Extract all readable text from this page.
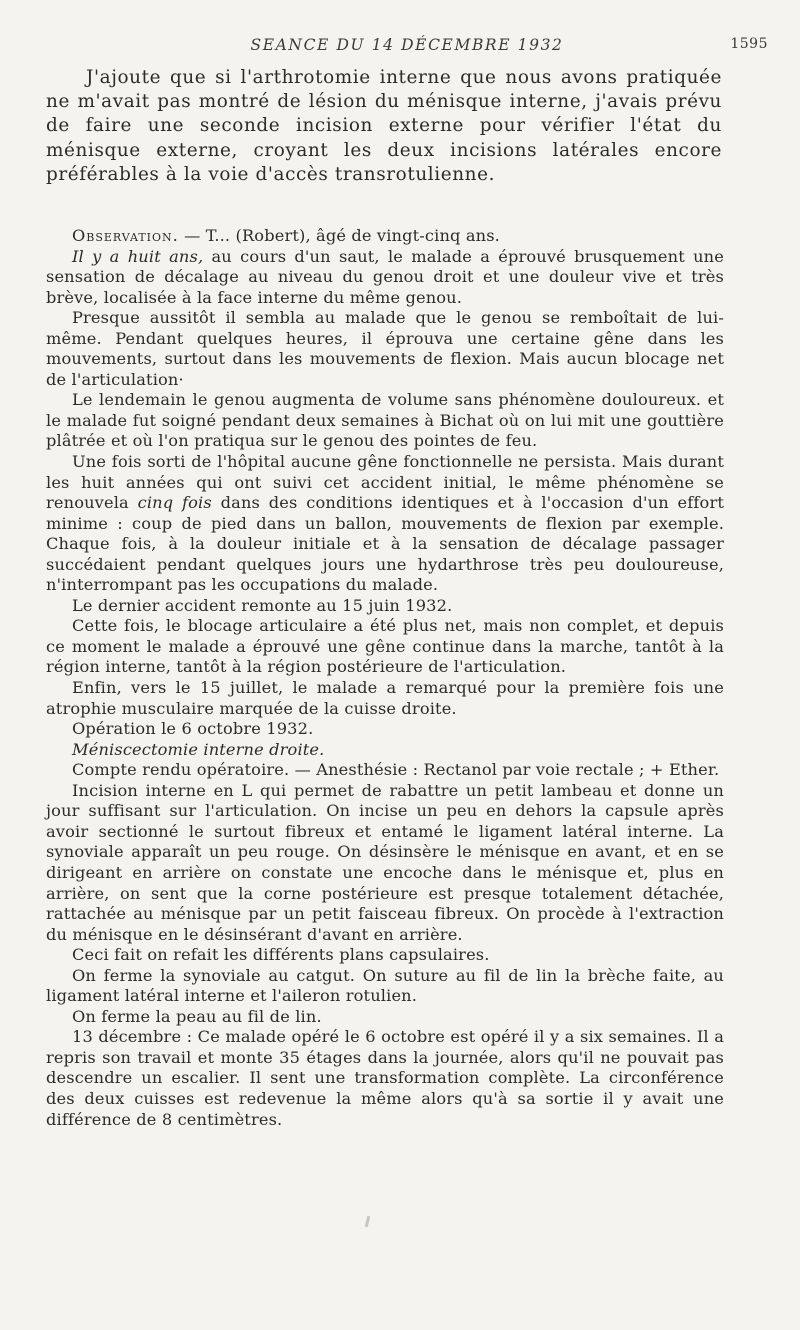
SEANCE DU 14 DÉCEMBRE 1932	1595

J'ajoute que si l'arthrotomie interne que nous avons pratiquée ne m'avait pas montré de lésion du ménisque interne, j'avais prévu de faire une seconde incision externe pour vérifier l'état du ménisque externe, croyant les deux incisions latérales encore préférables à la voie d'accès transrotulienne.

Observation. — T... (Robert), âgé de vingt-cinq ans.

Il y a huit ans, au cours d'un saut, le malade a éprouvé brusquement une sensation de décalage au niveau du genou droit et une douleur vive et très brève, localisée à la face interne du même genou.

Presque aussitôt il sembla au malade que le genou se remboîtait de lui-même. Pendant quelques heures, il éprouva une certaine gêne dans les mouvements, surtout dans les mouvements de flexion. Mais aucun blocage net de l'articulation·

Le lendemain le genou augmenta de volume sans phénomène douloureux. et le malade fut soigné pendant deux semaines à Bichat où on lui mit une gouttière plâtrée et où l'on pratiqua sur le genou des pointes de feu.

Une fois sorti de l'hôpital aucune gêne fonctionnelle ne persista. Mais durant les huit années qui ont suivi cet accident initial, le même phénomène se renouvela cinq fois dans des conditions identiques et à l'occasion d'un effort minime : coup de pied dans un ballon, mouvements de flexion par exemple. Chaque fois, à la douleur initiale et à la sensation de décalage passager succédaient pendant quelques jours une hydarthrose très peu douloureuse, n'interrompant pas les occupations du malade.

Le dernier accident remonte au 15 juin 1932.

Cette fois, le blocage articulaire a été plus net, mais non complet, et depuis ce moment le malade a éprouvé une gêne continue dans la marche, tantôt à la région interne, tantôt à la région postérieure de l'articulation.

Enfin, vers le 15 juillet, le malade a remarqué pour la première fois une atrophie musculaire marquée de la cuisse droite.

Opération le 6 octobre 1932.

Méniscectomie interne droite.

Compte rendu opératoire. — Anesthésie : Rectanol par voie rectale ; + Ether.

Incision interne en L qui permet de rabattre un petit lambeau et donne un jour suffisant sur l'articulation. On incise un peu en dehors la capsule après avoir sectionné le surtout fibreux et entamé le ligament latéral interne. La synoviale apparaît un peu rouge. On désinsère le ménisque en avant, et en se dirigeant en arrière on constate une encoche dans le ménisque et, plus en arrière, on sent que la corne postérieure est presque totalement détachée, rattachée au ménisque par un petit faisceau fibreux. On procède à l'extraction du ménisque en le désinsérant d'avant en arrière.

Ceci fait on refait les différents plans capsulaires.

On ferme la synoviale au catgut. On suture au fil de lin la brèche faite, au ligament latéral interne et l'aileron rotulien.

On ferme la peau au fil de lin.

13 décembre : Ce malade opéré le 6 octobre est opéré il y a six semaines. Il a repris son travail et monte 35 étages dans la journée, alors qu'il ne pouvait pas descendre un escalier. Il sent une transformation complète. La circonférence des deux cuisses est redevenue la même alors qu'à sa sortie il y avait une différence de 8 centimètres.
